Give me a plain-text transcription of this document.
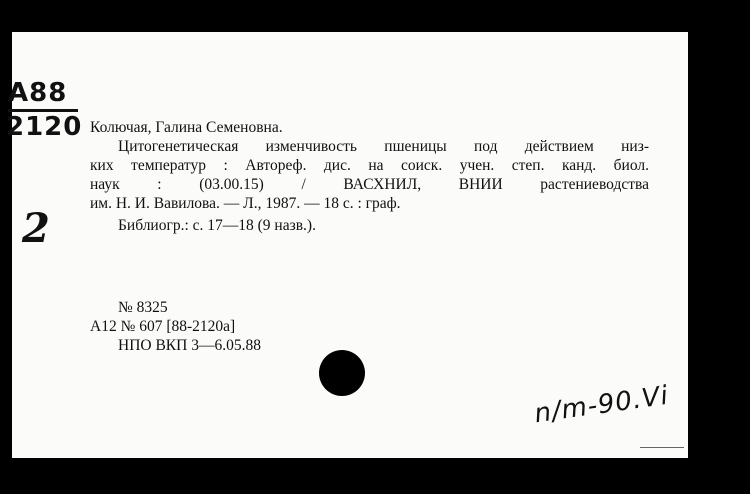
A88
2120
2
Колючая, Галина Семеновна.
Цитогенетическая изменчивость пшеницы под действием низ-
ких температур : Автореф. дис. на соиск. учен. степ. канд. биол.
наук : (03.00.15) / ВАСХНИЛ, ВНИИ растениеводства
им. Н. И. Вавилова. — Л., 1987. — 18 с. : граф.
Библиогр.: с. 17—18 (9 назв.).
№ 8325
А12 № 607 [88-2120а]
НПО ВКП 3—6.05.88
n/m-90.Vi
